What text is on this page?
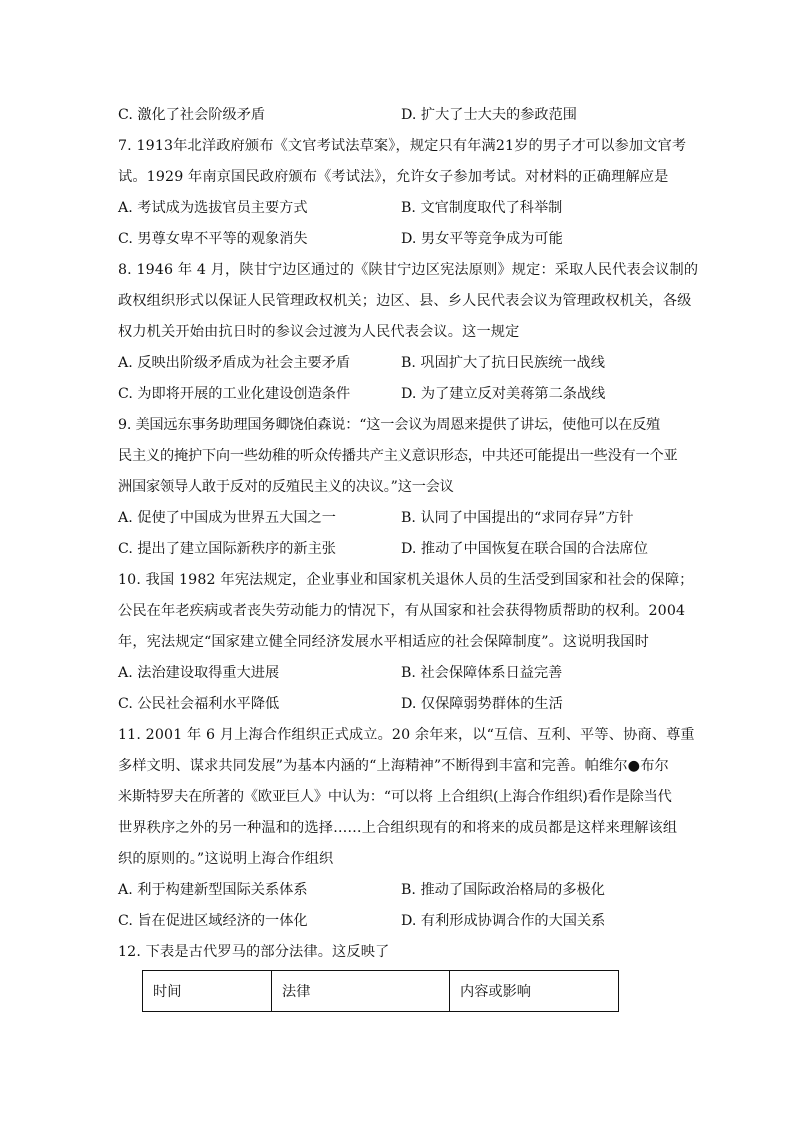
C. 激化了社会阶级矛盾	D. 扩大了士大夫的参政范围
7. 1913年北洋政府颁布《文官考试法草案》，规定只有年满21岁的男子才可以参加文官考
试。1929 年南京国民政府颁布《考试法》，允许女子参加考试。对材料的正确理解应是
A. 考试成为选拔官员主要方式	B. 文官制度取代了科举制
C. 男尊女卑不平等的观象消失	D. 男女平等竞争成为可能
8. 1946 年 4 月，陕甘宁边区通过的《陕甘宁边区宪法原则》规定：采取人民代表会议制的
政权组织形式以保证人民管理政权机关；边区、县、乡人民代表会议为管理政权机关，各级
权力机关开始由抗日时的参议会过渡为人民代表会议。这一规定
A. 反映出阶级矛盾成为社会主要矛盾	B. 巩固扩大了抗日民族统一战线
C. 为即将开展的工业化建设创造条件	D. 为了建立反对美蒋第二条战线
9. 美国远东事务助理国务卿饶伯森说：“这一会议为周恩来提供了讲坛，使他可以在反殖
民主义的掩护下向一些幼稚的听众传播共产主义意识形态，中共还可能提出一些没有一个亚
洲国家领导人敢于反对的反殖民主义的决议。”这一会议
A. 促使了中国成为世界五大国之一	B. 认同了中国提出的“求同存异”方针
C. 提出了建立国际新秩序的新主张	D. 推动了中国恢复在联合国的合法席位
10. 我国 1982 年宪法规定，企业事业和国家机关退休人员的生活受到国家和社会的保障；
公民在年老疾病或者丧失劳动能力的情况下，有从国家和社会获得物质帮助的权利。2004
年，宪法规定“国家建立健全同经济发展水平相适应的社会保障制度”。这说明我国时
A. 法治建设取得重大进展	B. 社会保障体系日益完善
C. 公民社会福利水平降低	D. 仅保障弱势群体的生活
11. 2001 年 6 月上海合作组织正式成立。20 余年来，以“互信、互利、平等、协商、尊重
多样文明、谋求共同发展”为基本内涵的“上海精神”不断得到丰富和完善。帕维尔●布尔
米斯特罗夫在所著的《欧亚巨人》中认为：“可以将 上合组织(上海合作组织)看作是除当代
世界秩序之外的另一种温和的选择……上合组织现有的和将来的成员都是这样来理解该组
织的原则的。”这说明上海合作组织
A. 利于构建新型国际关系体系	B. 推动了国际政治格局的多极化
C. 旨在促进区域经济的一体化	D. 有利形成协调合作的大国关系
12. 下表是古代罗马的部分法律。这反映了
时间	法律	内容或影响
